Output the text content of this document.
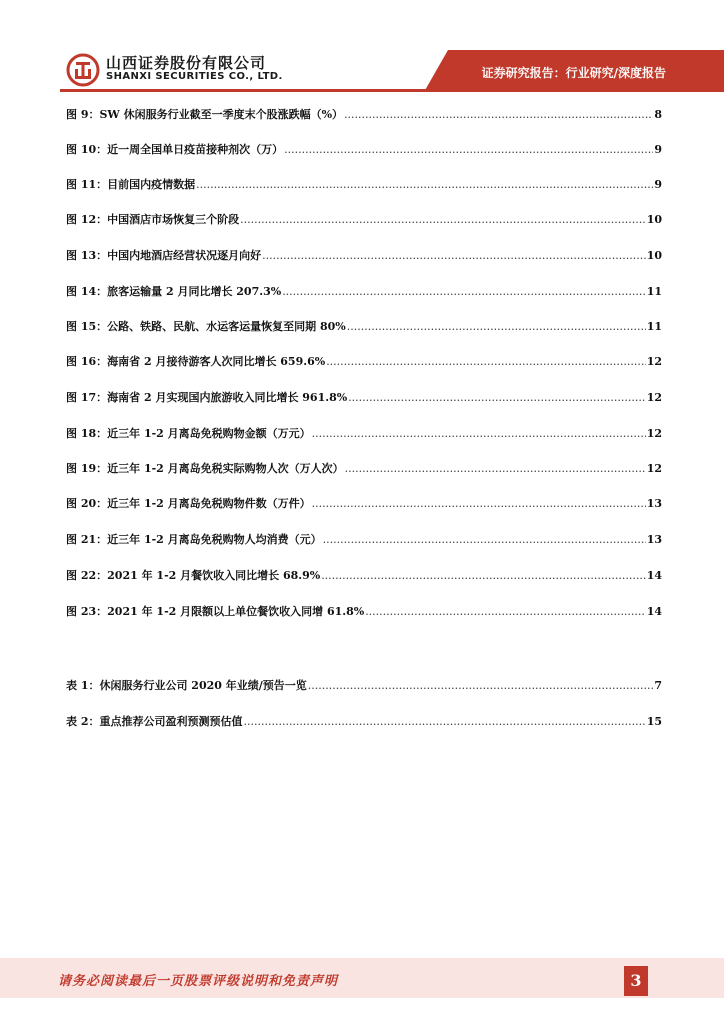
山西证券股份有限公司
SHANXI SECURITIES CO., LTD.	证券研究报告：行业研究/深度报告
图 9：SW 休闲服务行业截至一季度末个股涨跌幅（%） .....	8
图 10：近一周全国单日疫苗接种剂次（万） .....	9
图 11：目前国内疫情数据 .....	9
图 12：中国酒店市场恢复三个阶段 .....	10
图 13：中国内地酒店经营状况逐月向好 .....	10
图 14：旅客运输量 2 月同比增长 207.3% .....	11
图 15：公路、铁路、民航、水运客运量恢复至同期 80% .....	11
图 16：海南省 2 月接待游客人次同比增长 659.6% .....	12
图 17：海南省 2 月实现国内旅游收入同比增长 961.8% .....	12
图 18：近三年 1-2 月离岛免税购物金额（万元） .....	12
图 19：近三年 1-2 月离岛免税实际购物人次（万人次） .....	12
图 20：近三年 1-2 月离岛免税购物件数（万件） .....	13
图 21：近三年 1-2 月离岛免税购物人均消费（元） .....	13
图 22：2021 年 1-2 月餐饮收入同比增长 68.9% .....	14
图 23：2021 年 1-2 月限额以上单位餐饮收入同增 61.8% .....	14
表 1：休闲服务行业公司 2020 年业绩/预告一览 .....	7
表 2：重点推荐公司盈利预测预估值 .....	15
请务必阅读最后一页股票评级说明和免责声明	3
